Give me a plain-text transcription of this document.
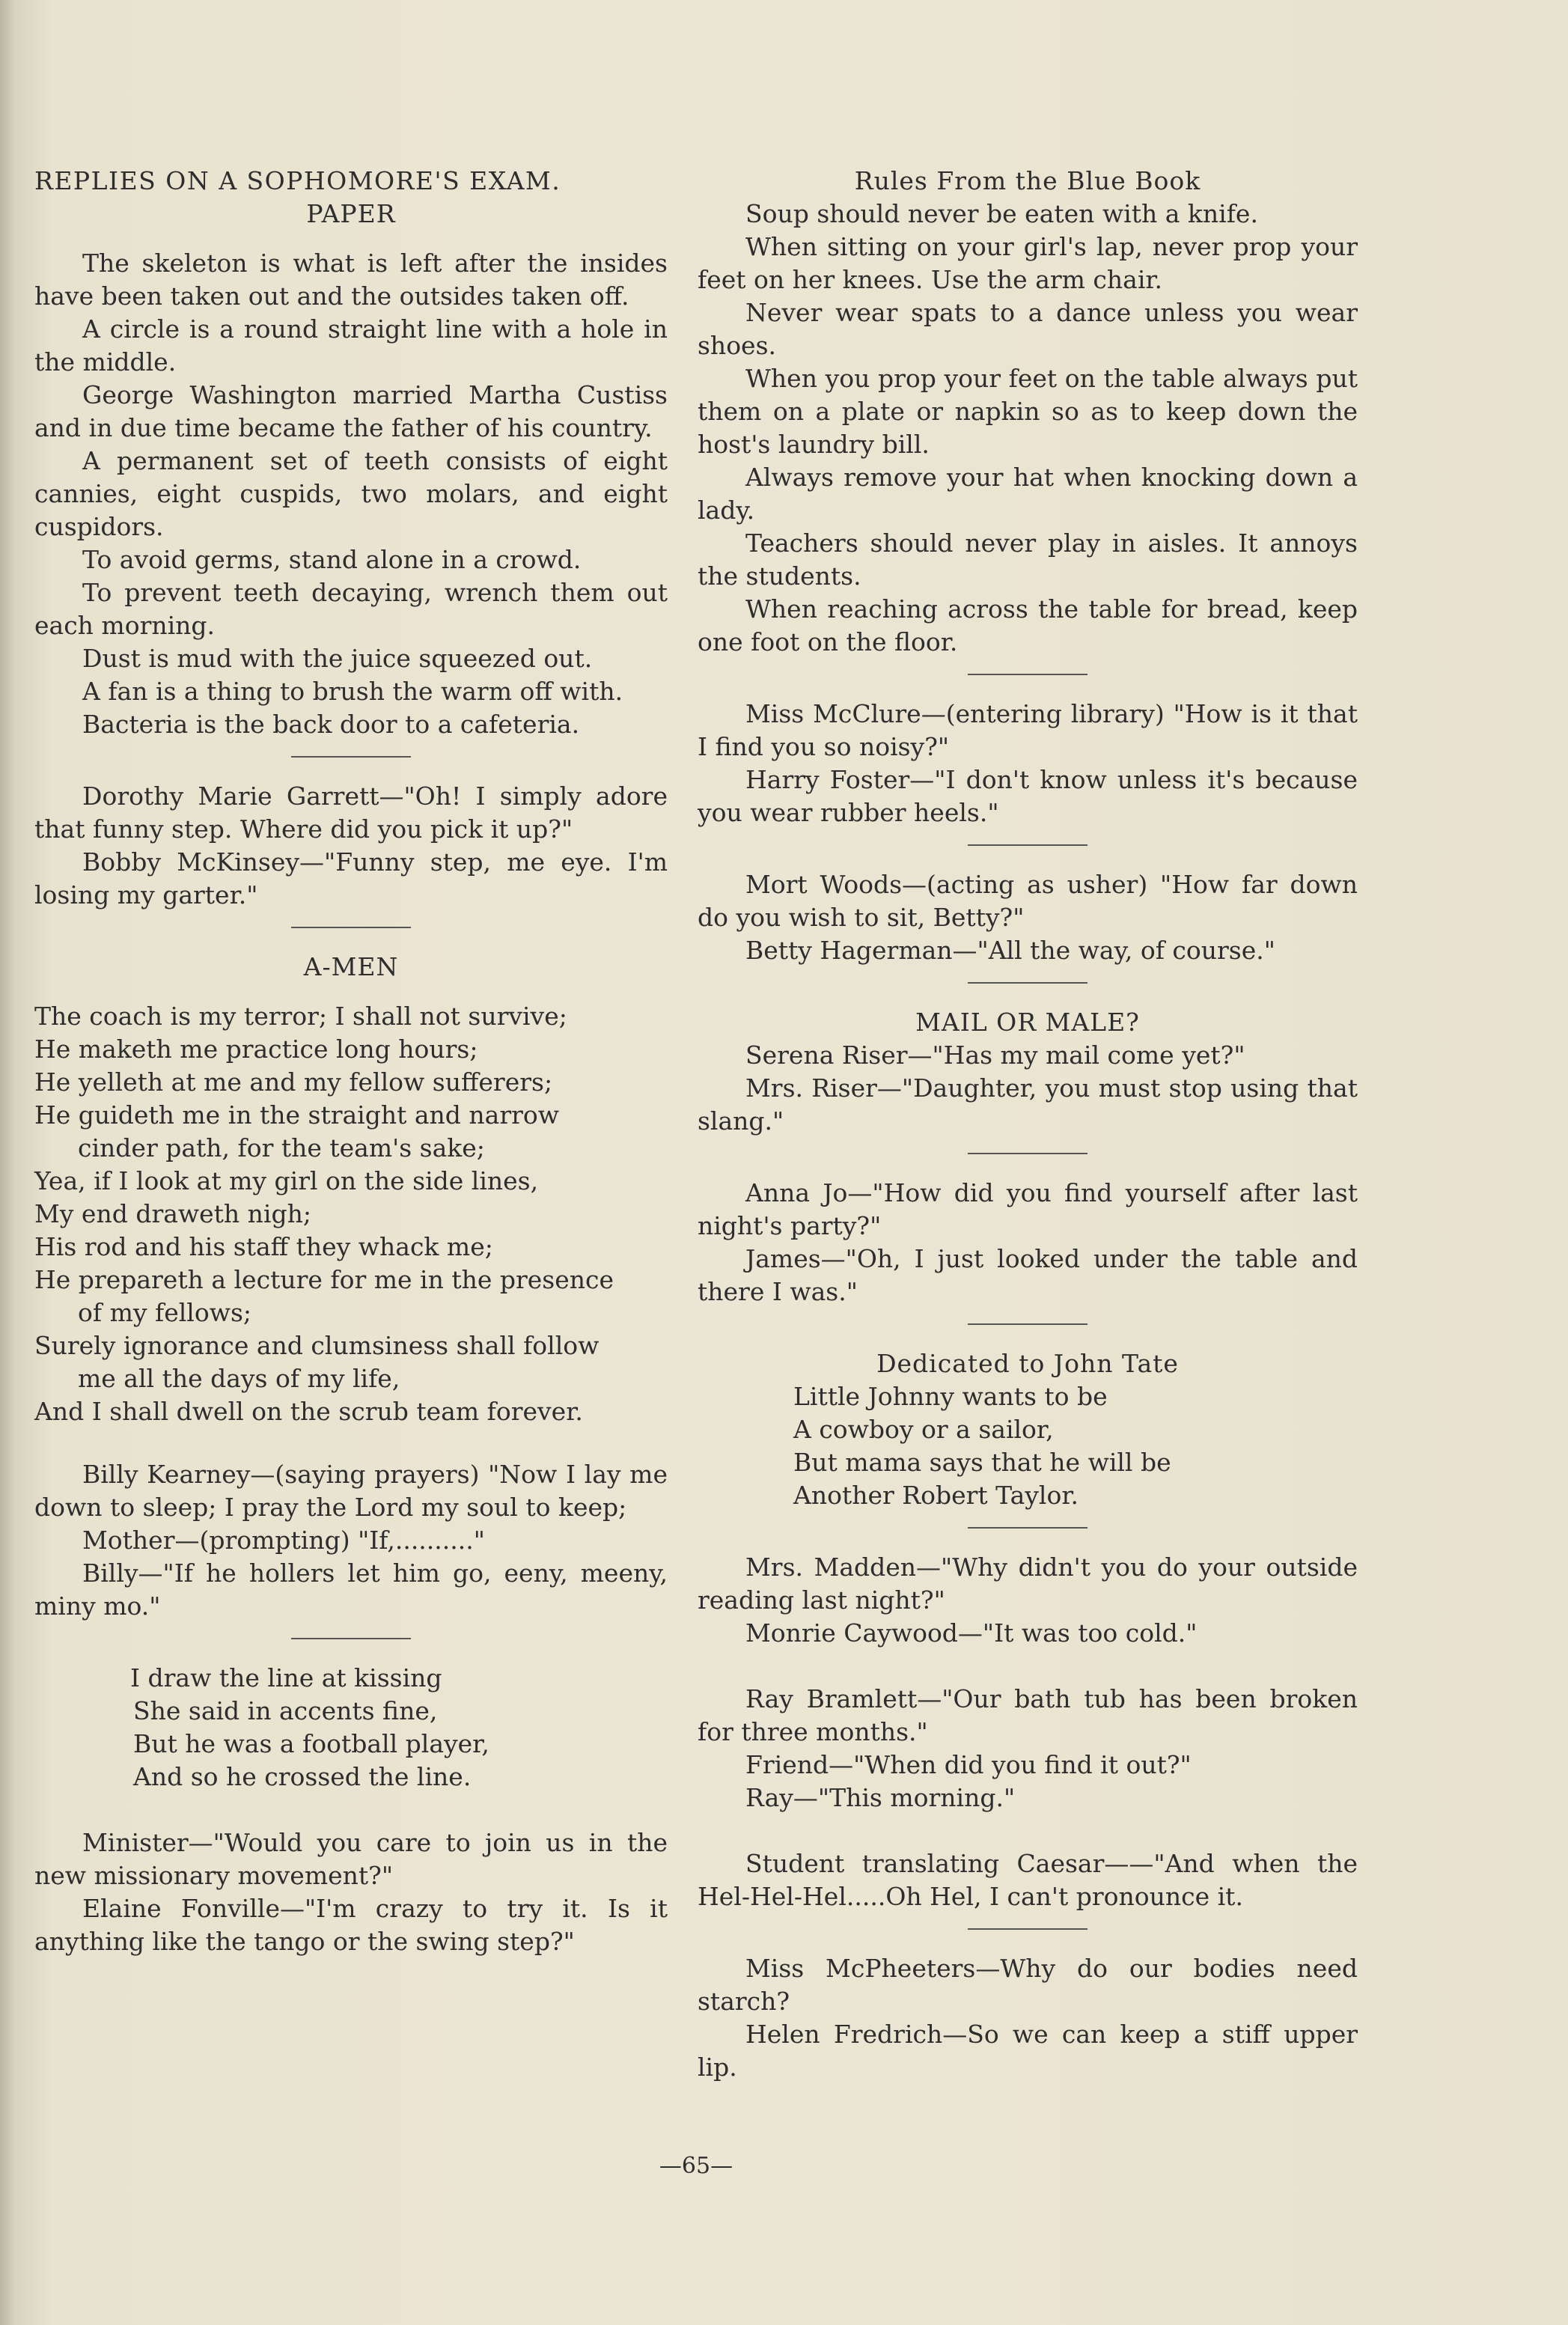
REPLIES ON A SOPHOMORE'S EXAM.

PAPER

The skeleton is what is left after the insides have been taken out and the outsides taken off.

A circle is a round straight line with a hole in the middle.

George Washington married Martha Custiss and in due time became the father of his country.

A permanent set of teeth consists of eight cannies, eight cuspids, two molars, and eight cuspidors.

To avoid germs, stand alone in a crowd.

To prevent teeth decaying, wrench them out each morning.

Dust is mud with the juice squeezed out.

A fan is a thing to brush the warm off with.

Bacteria is the back door to a cafeteria.

Dorothy Marie Garrett—"Oh! I simply adore that funny step. Where did you pick it up?"

Bobby McKinsey—"Funny step, me eye. I'm losing my garter."

A-MEN

The coach is my terror; I shall not survive;
He maketh me practice long hours;
He yelleth at me and my fellow sufferers;
He guideth me in the straight and narrow
cinder path, for the team's sake;
Yea, if I look at my girl on the side lines,
My end draweth nigh;
His rod and his staff they whack me;
He prepareth a lecture for me in the presence
of my fellows;
Surely ignorance and clumsiness shall follow
me all the days of my life,
And I shall dwell on the scrub team forever.

Billy Kearney—(saying prayers) "Now I lay me down to sleep; I pray the Lord my soul to keep;

Mother—(prompting) "If,.........."

Billy—"If he hollers let him go, eeny, meeny, miny mo."

I draw the line at kissing
She said in accents fine,
But he was a football player,
And so he crossed the line.

Minister—"Would you care to join us in the new missionary movement?"

Elaine Fonville—"I'm crazy to try it. Is it anything like the tango or the swing step?"

Rules From the Blue Book

Soup should never be eaten with a knife.

When sitting on your girl's lap, never prop your feet on her knees. Use the arm chair.

Never wear spats to a dance unless you wear shoes.

When you prop your feet on the table always put them on a plate or napkin so as to keep down the host's laundry bill.

Always remove your hat when knocking down a lady.

Teachers should never play in aisles. It annoys the students.

When reaching across the table for bread, keep one foot on the floor.

Miss McClure—(entering library) "How is it that I find you so noisy?"

Harry Foster—"I don't know unless it's because you wear rubber heels."

Mort Woods—(acting as usher) "How far down do you wish to sit, Betty?"

Betty Hagerman—"All the way, of course."

MAIL OR MALE?

Serena Riser—"Has my mail come yet?"

Mrs. Riser—"Daughter, you must stop using that slang."

Anna Jo—"How did you find yourself after last night's party?"

James—"Oh, I just looked under the table and there I was."

Dedicated to John Tate

Little Johnny wants to be
A cowboy or a sailor,
But mama says that he will be
Another Robert Taylor.

Mrs. Madden—"Why didn't you do your outside reading last night?"

Monrie Caywood—"It was too cold."

Ray Bramlett—"Our bath tub has been broken for three months."

Friend—"When did you find it out?"

Ray—"This morning."

Student translating Caesar——"And when the Hel-Hel-Hel.....Oh Hel, I can't pronounce it.

Miss McPheeters—Why do our bodies need starch?

Helen Fredrich—So we can keep a stiff upper lip.

—65—
